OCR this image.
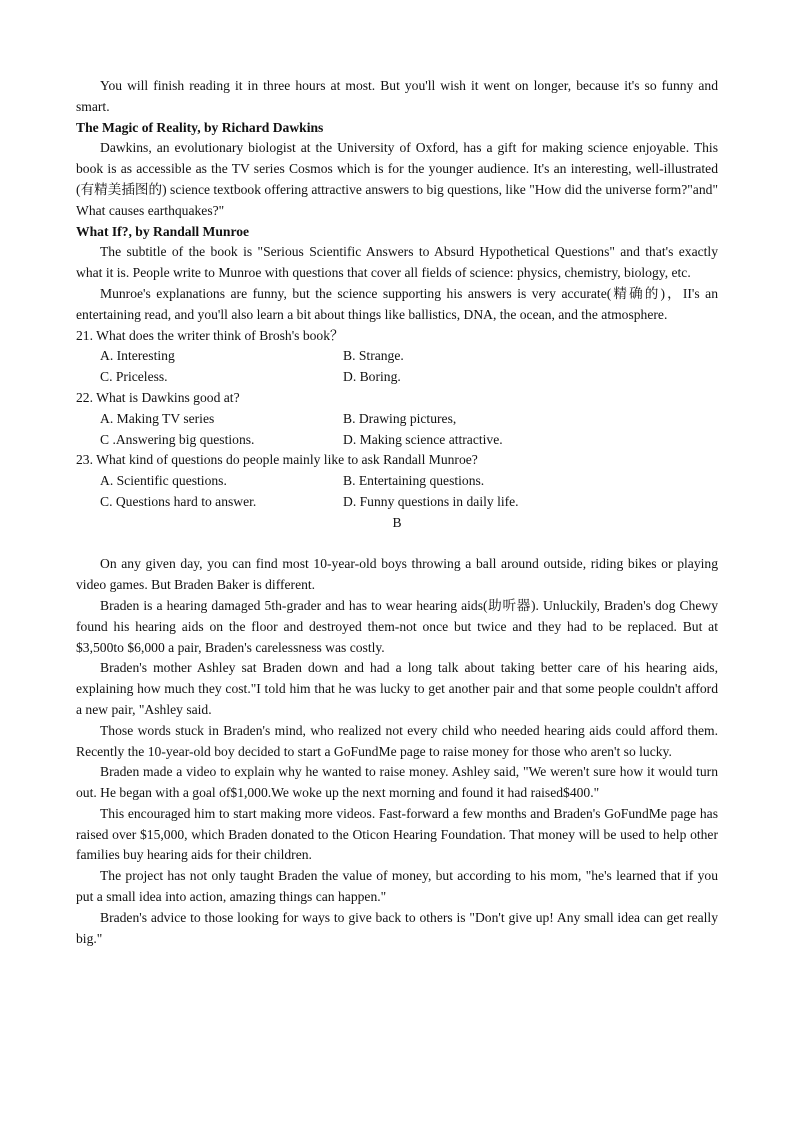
You will finish reading it in three hours at most. But you'll wish it went on longer, because it's so funny and smart.

The Magic of Reality, by Richard Dawkins

Dawkins, an evolutionary biologist at the University of Oxford, has a gift for making science enjoyable. This book is as accessible as the TV series Cosmos which is for the younger audience. It's an interesting, well-illustrated (有精美插图的) science textbook offering attractive answers to big questions, like "How did the universe form?"and" What causes earthquakes?"

What If?, by Randall Munroe

The subtitle of the book is "Serious Scientific Answers to Absurd Hypothetical Questions" and that's exactly what it is. People write to Munroe with questions that cover all fields of science: physics, chemistry, biology, etc.

Munroe's explanations are funny, but the science supporting his answers is very accurate(精确的)，II's an entertaining read, and you'll also learn a bit about things like ballistics, DNA, the ocean, and the atmosphere.

21. What does the writer think of Brosh's book？

A. Interesting	B. Strange.
C. Priceless.	D. Boring.

22. What is Dawkins good at?

A. Making TV series	B. Drawing pictures,
C .Answering big questions.	D. Making science attractive.

23. What kind of questions do people mainly like to ask Randall Munroe?

A. Scientific questions.	B. Entertaining questions.
C. Questions hard to answer.	D. Funny questions in daily life.

B

On any given day, you can find most 10-year-old boys throwing a ball around outside, riding bikes or playing video games. But Braden Baker is different.

Braden is a hearing damaged 5th-grader and has to wear hearing aids(助听器). Unluckily, Braden's dog Chewy found his hearing aids on the floor and destroyed them-not once but twice and they had to be replaced. But at $3,500to $6,000 a pair, Braden's carelessness was costly.

Braden's mother Ashley sat Braden down and had a long talk about taking better care of his hearing aids, explaining how much they cost."I told him that he was lucky to get another pair and that some people couldn't afford a new pair, "Ashley said.

Those words stuck in Braden's mind, who realized not every child who needed hearing aids could afford them. Recently the 10-year-old boy decided to start a GoFundMe page to raise money for those who aren't so lucky.

Braden made a video to explain why he wanted to raise money. Ashley said, "We weren't sure how it would turn out. He began with a goal of$1,000.We woke up the next morning and found it had raised$400."

This encouraged him to start making more videos. Fast-forward a few months and Braden's GoFundMe page has raised over $15,000, which Braden donated to the Oticon Hearing Foundation. That money will be used to help other families buy hearing aids for their children.

The project has not only taught Braden the value of money, but according to his mom, "he's learned that if you put a small idea into action, amazing things can happen."

Braden's advice to those looking for ways to give back to others is "Don't give up! Any small idea can get really big."
